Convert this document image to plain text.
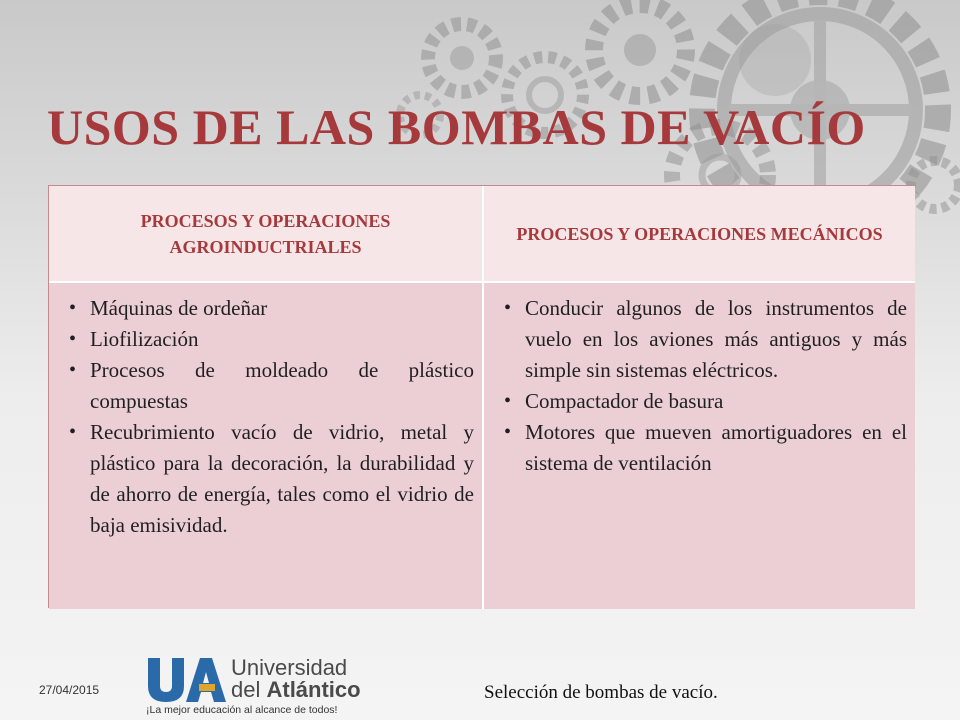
USOS DE LAS BOMBAS DE VACÍO
PROCESOS Y OPERACIONES AGROINDUCTRIALES
PROCESOS Y OPERACIONES MECÁNICOS
• Máquinas de ordeñar
• Liofilización
• Procesos de moldeado de plástico compuestas
• Recubrimiento vacío de vidrio, metal y plástico para la decoración, la durabilidad y de ahorro de energía, tales como el vidrio de baja emisividad.
• Conducir algunos de los instrumentos de vuelo en los aviones más antiguos y más simple sin sistemas eléctricos.
• Compactador de basura
• Motores que mueven amortiguadores en el sistema de ventilación
27/04/2015
Universidad
del Atlántico
¡La mejor educación al alcance de todos!
Selección de bombas de vacío.
